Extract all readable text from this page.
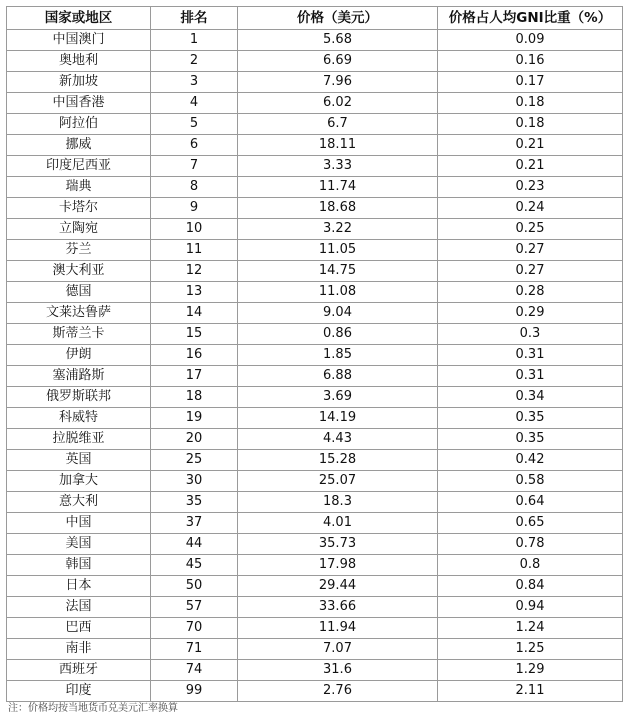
国家或地区	排名	价格（美元）	价格占人均GNI比重（%）
中国澳门	1	5.68	0.09
奥地利	2	6.69	0.16
新加坡	3	7.96	0.17
中国香港	4	6.02	0.18
阿拉伯	5	6.7	0.18
挪威	6	18.11	0.21
印度尼西亚	7	3.33	0.21
瑞典	8	11.74	0.23
卡塔尔	9	18.68	0.24
立陶宛	10	3.22	0.25
芬兰	11	11.05	0.27
澳大利亚	12	14.75	0.27
德国	13	11.08	0.28
文莱达鲁萨	14	9.04	0.29
斯蒂兰卡	15	0.86	0.3
伊朗	16	1.85	0.31
塞浦路斯	17	6.88	0.31
俄罗斯联邦	18	3.69	0.34
科威特	19	14.19	0.35
拉脱维亚	20	4.43	0.35
英国	25	15.28	0.42
加拿大	30	25.07	0.58
意大利	35	18.3	0.64
中国	37	4.01	0.65
美国	44	35.73	0.78
韩国	45	17.98	0.8
日本	50	29.44	0.84
法国	57	33.66	0.94
巴西	70	11.94	1.24
南非	71	7.07	1.25
西班牙	74	31.6	1.29
印度	99	2.76	2.11
注：价格均按当地货币兑美元汇率换算
